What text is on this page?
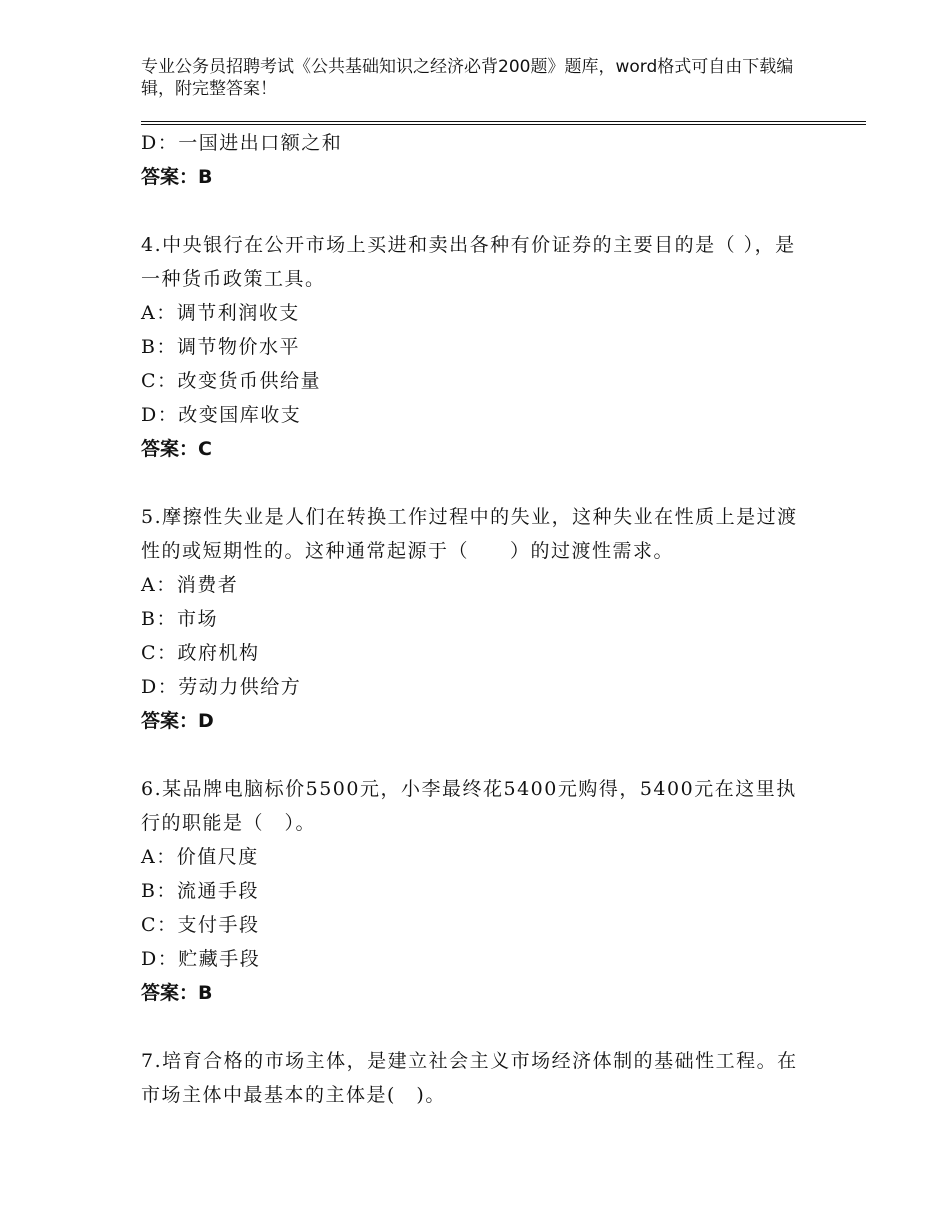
专业公务员招聘考试《公共基础知识之经济必背200题》题库，word格式可自由下载编辑，附完整答案！
D：一国进出口额之和
答案：B
4.中央银行在公开市场上买进和卖出各种有价证券的主要目的是（ ），是一种货币政策工具。
A：调节利润收支
B：调节物价水平
C：改变货币供给量
D：改变国库收支
答案：C
5.摩擦性失业是人们在转换工作过程中的失业，这种失业在性质上是过渡性的或短期性的。这种通常起源于（　　）的过渡性需求。
A：消费者
B：市场
C：政府机构
D：劳动力供给方
答案：D
6.某品牌电脑标价5500元，小李最终花5400元购得，5400元在这里执行的职能是（　）。
A：价值尺度
B：流通手段
C：支付手段
D：贮藏手段
答案：B
7.培育合格的市场主体，是建立社会主义市场经济体制的基础性工程。在市场主体中最基本的主体是(　)。
